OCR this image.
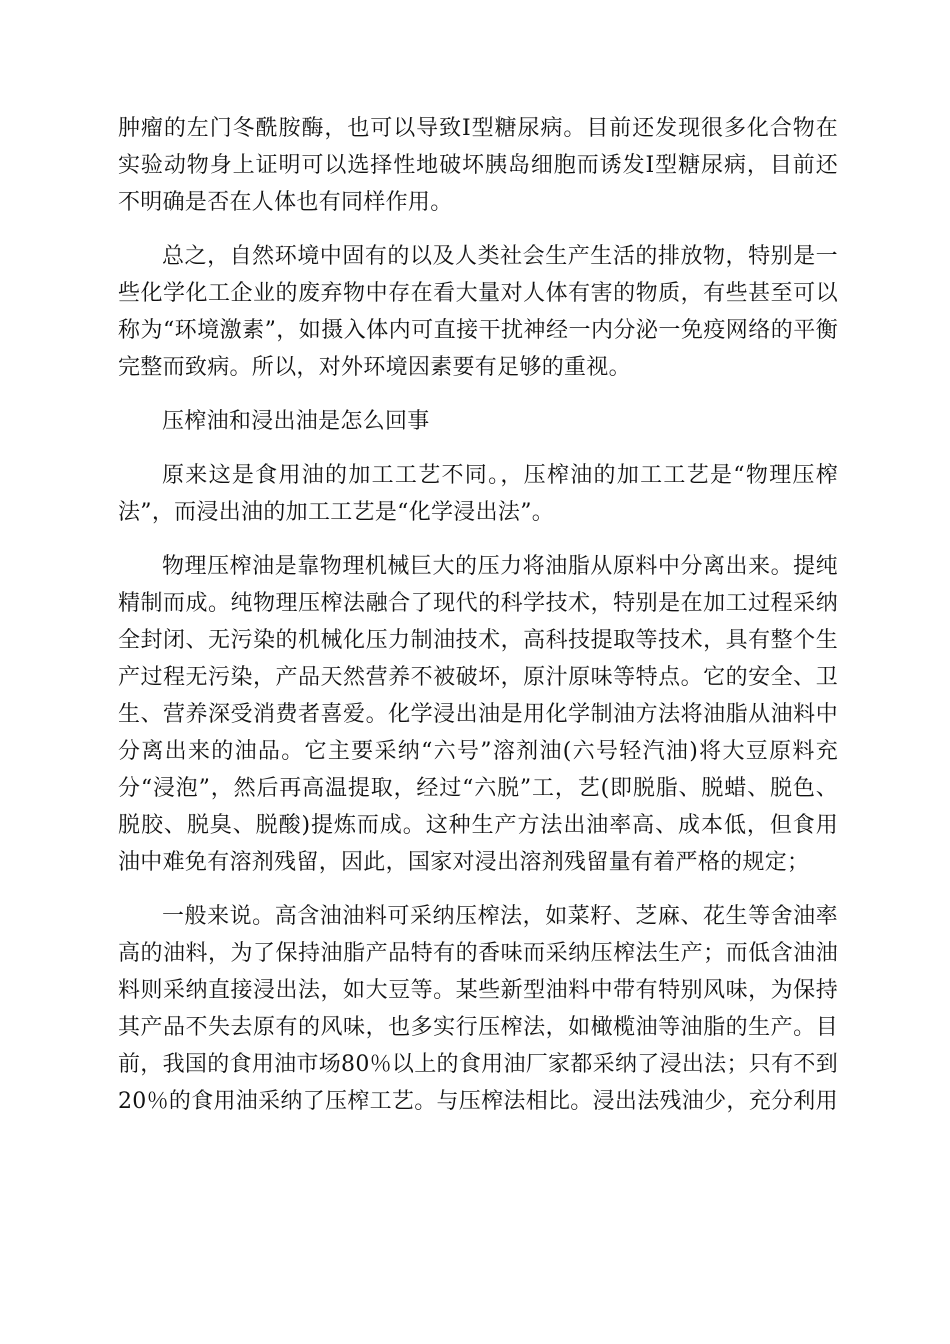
肿瘤的左门冬酰胺酶，也可以导致Ⅰ型糖尿病。目前还发现很多化合物在实验动物身上证明可以选择性地破坏胰岛细胞而诱发Ⅰ型糖尿病，目前还不明确是否在人体也有同样作用。

总之，自然环境中固有的以及人类社会生产生活的排放物，特别是一些化学化工企业的废弃物中存在看大量对人体有害的物质，有些甚至可以称为“环境激素”，如摄入体内可直接干扰神经一内分泌一免疫网络的平衡完整而致病。所以，对外环境因素要有足够的重视。

压榨油和浸出油是怎么回事

原来这是食用油的加工工艺不同。，压榨油的加工工艺是“物理压榨法”，而浸出油的加工工艺是“化学浸出法”。

物理压榨油是靠物理机械巨大的压力将油脂从原料中分离出来。提纯精制而成。纯物理压榨法融合了现代的科学技术，特别是在加工过程采纳全封闭、无污染的机械化压力制油技术，高科技提取等技术，具有整个生产过程无污染，产品天然营养不被破坏，原汁原味等特点。它的安全、卫生、营养深受消费者喜爱。化学浸出油是用化学制油方法将油脂从油料中分离出来的油品。它主要采纳“六号”溶剂油(六号轻汽油)将大豆原料充分“浸泡”，然后再高温提取，经过“六脱”工，艺(即脱脂、脱蜡、脱色、脱胶、脱臭、脱酸)提炼而成。这种生产方法出油率高、成本低，但食用油中难免有溶剂残留，因此，国家对浸出溶剂残留量有着严格的规定；

一般来说。高含油油料可采纳压榨法，如菜籽、芝麻、花生等舍油率高的油料，为了保持油脂产品特有的香味而采纳压榨法生产；而低含油油料则采纳直接浸出法，如大豆等。某些新型油料中带有特别风味，为保持其产品不失去原有的风味，也多实行压榨法，如橄榄油等油脂的生产。目前，我国的食用油市场80％以上的食用油厂家都采纳了浸出法；只有不到20％的食用油采纳了压榨工艺。与压榨法相比。浸出法残油少，充分利用
